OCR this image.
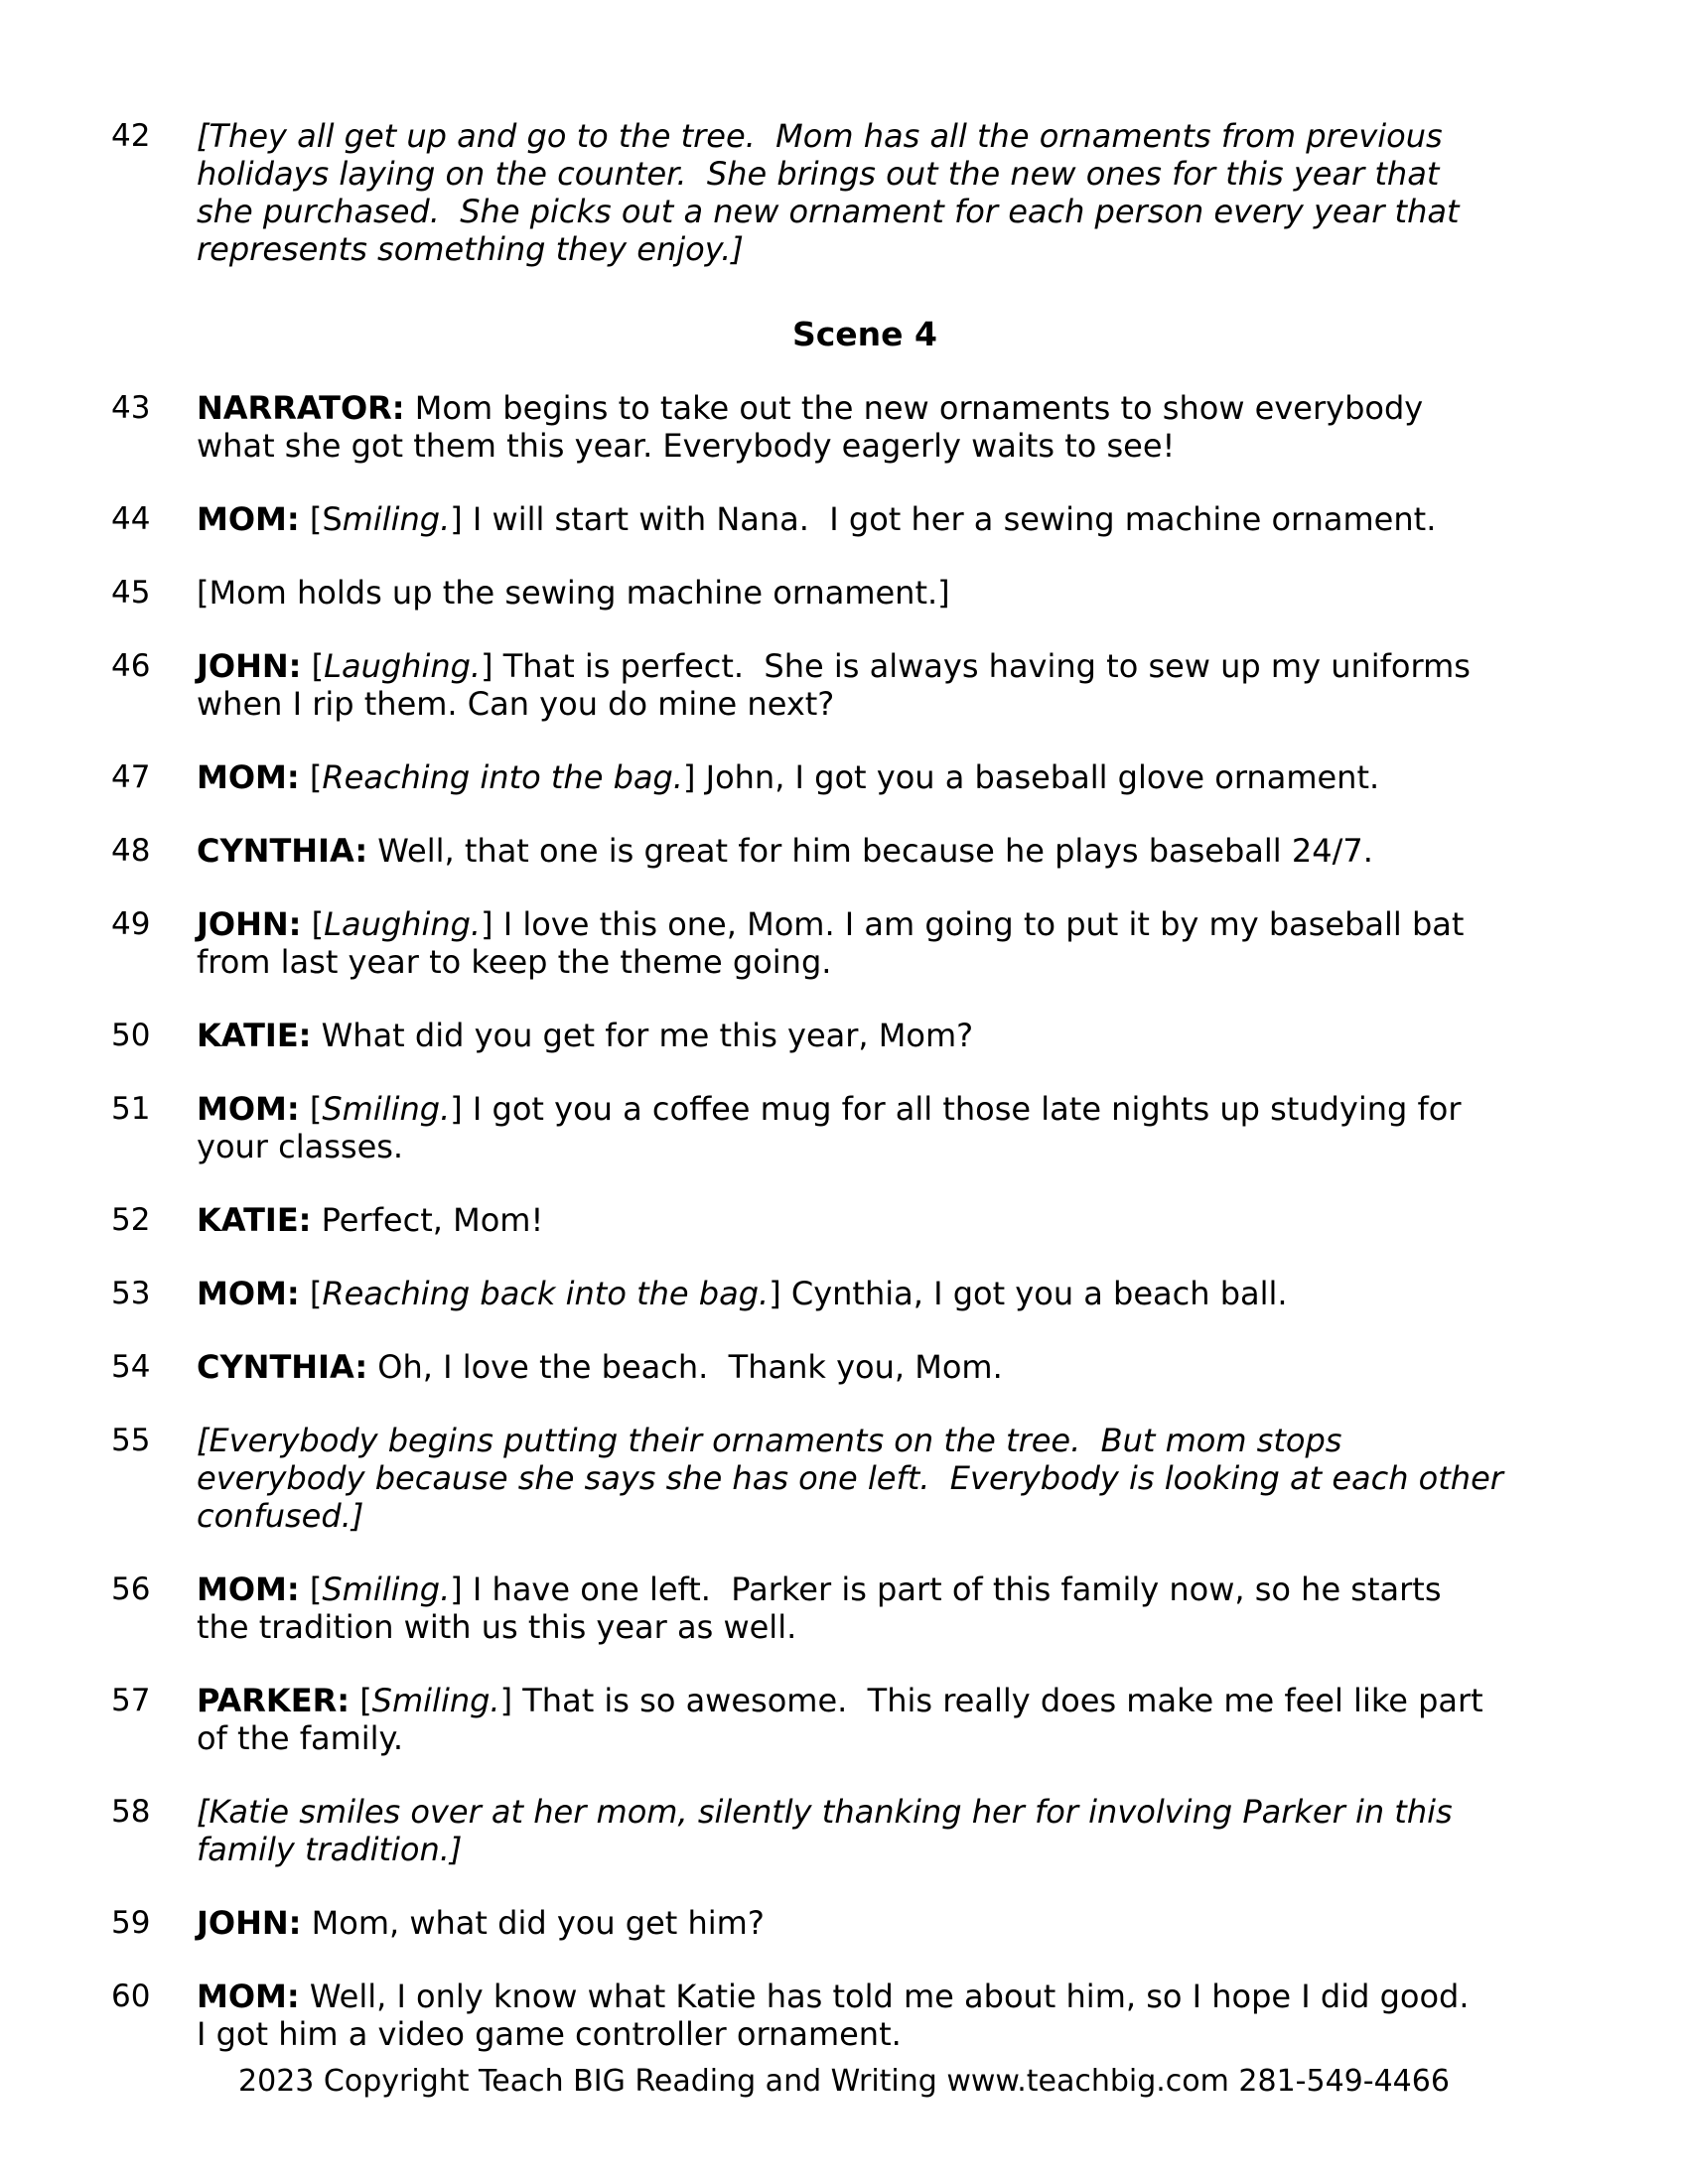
42	[They all get up and go to the tree.  Mom has all the ornaments from previous
holidays laying on the counter.  She brings out the new ones for this year that
she purchased.  She picks out a new ornament for each person every year that
represents something they enjoy.]
Scene 4
43	NARRATOR: Mom begins to take out the new ornaments to show everybody
what she got them this year. Everybody eagerly waits to see!
44	MOM: [Smiling.] I will start with Nana.  I got her a sewing machine ornament.
45	[Mom holds up the sewing machine ornament.]
46	JOHN: [Laughing.] That is perfect.  She is always having to sew up my uniforms
when I rip them. Can you do mine next?
47	MOM: [Reaching into the bag.] John, I got you a baseball glove ornament.
48	CYNTHIA: Well, that one is great for him because he plays baseball 24/7.
49	JOHN: [Laughing.] I love this one, Mom. I am going to put it by my baseball bat
from last year to keep the theme going.
50	KATIE: What did you get for me this year, Mom?
51	MOM: [Smiling.] I got you a coffee mug for all those late nights up studying for
your classes.
52	KATIE: Perfect, Mom!
53	MOM: [Reaching back into the bag.] Cynthia, I got you a beach ball.
54	CYNTHIA: Oh, I love the beach.  Thank you, Mom.
55	[Everybody begins putting their ornaments on the tree.  But mom stops
everybody because she says she has one left.  Everybody is looking at each other
confused.]
56	MOM: [Smiling.] I have one left.  Parker is part of this family now, so he starts
the tradition with us this year as well.
57	PARKER: [Smiling.] That is so awesome.  This really does make me feel like part
of the family.
58	[Katie smiles over at her mom, silently thanking her for involving Parker in this
family tradition.]
59	JOHN: Mom, what did you get him?
60	MOM: Well, I only know what Katie has told me about him, so I hope I did good.
I got him a video game controller ornament.
2023 Copyright Teach BIG Reading and Writing www.teachbig.com 281-549-4466
